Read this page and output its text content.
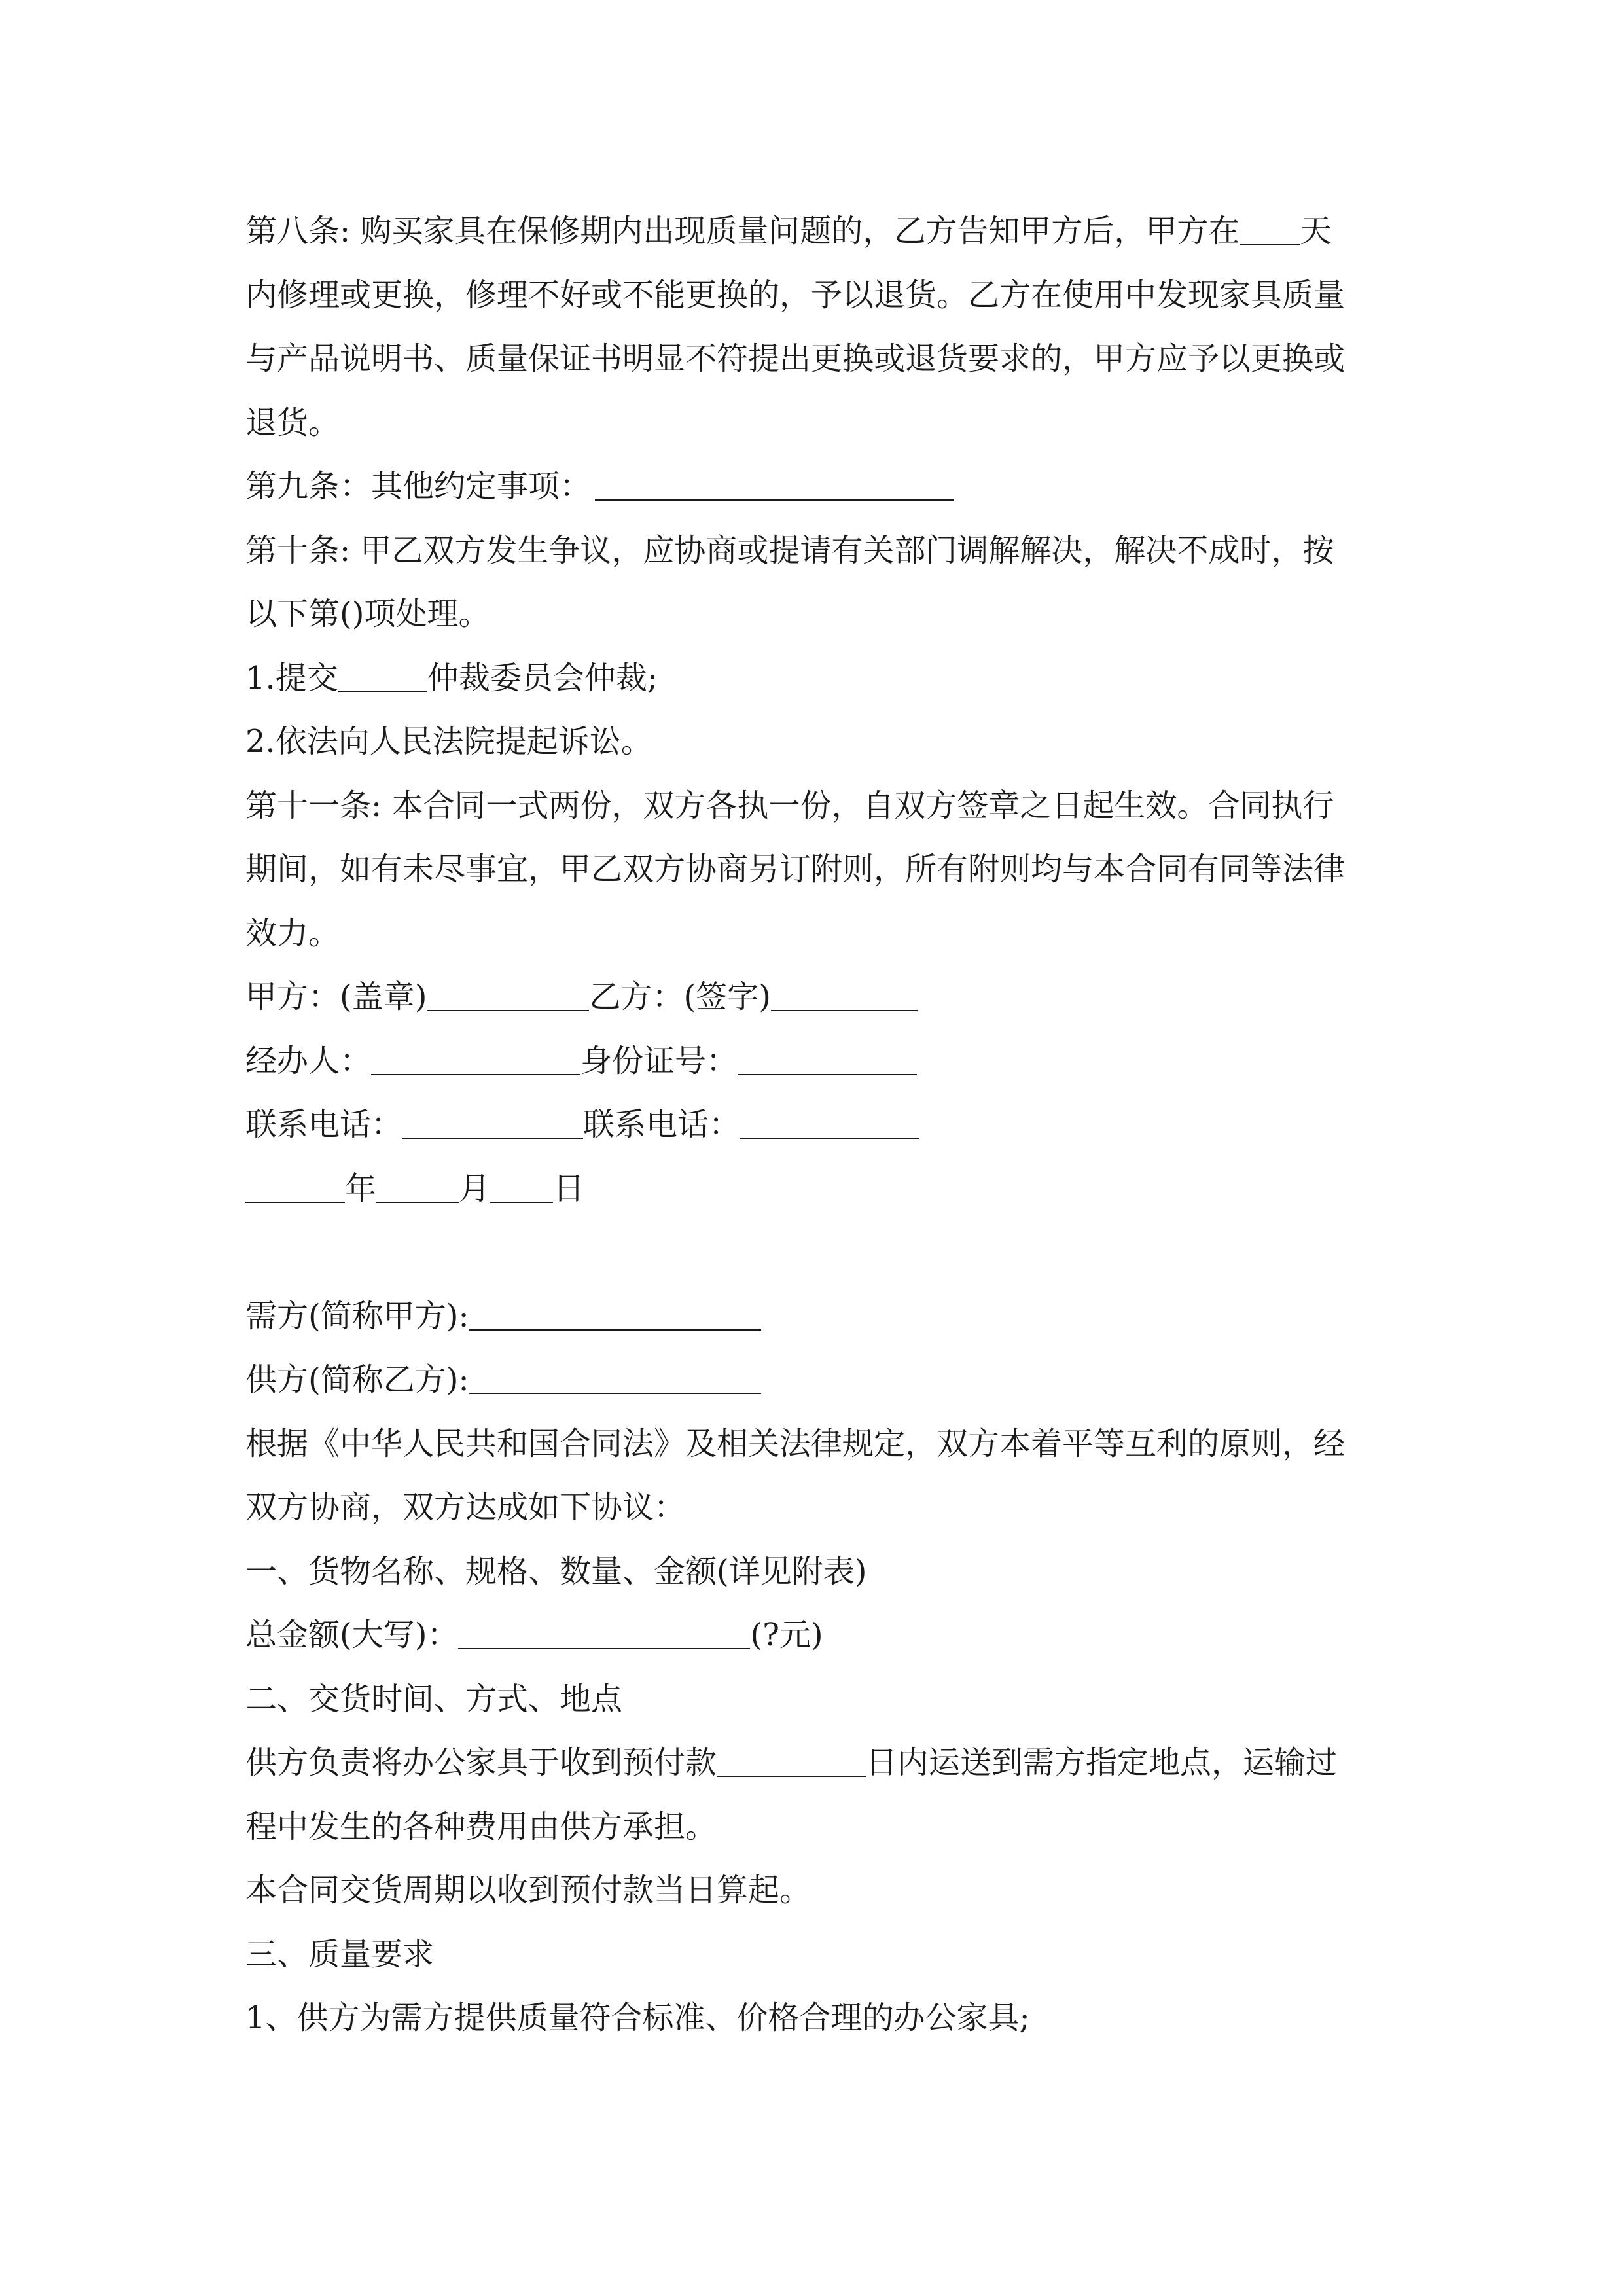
第八条: 购买家具在保修期内出现质量问题的，乙方告知甲方后，甲方在 天
内修理或更换，修理不好或不能更换的，予以退货。乙方在使用中发现家具质量
与产品说明书、质量保证书明显不符提出更换或退货要求的，甲方应予以更换或
退货。
第九条：其他约定事项：
第十条: 甲乙双方发生争议，应协商或提请有关部门调解解决，解决不成时，按
以下第()项处理。
1.提交	仲裁委员会仲裁;
2.依法向人民法院提起诉讼。
第十一条: 本合同一式两份，双方各执一份，自双方签章之日起生效。合同执行
期间，如有未尽事宜，甲乙双方协商另订附则，所有附则均与本合同有同等法律
效力。
甲方：(盖章)	乙方：(签字)
经办人：	身份证号：
联系电话：	联系电话：
年	月 日
需方(简称甲方):
供方(简称乙方):
根据《中华人民共和国合同法》及相关法律规定，双方本着平等互利的原则，经
双方协商，双方达成如下协议：
一、货物名称、规格、数量、金额(详见附表)
总金额(大写)：	(?元)
二、交货时间、方式、地点
供方负责将办公家具于收到预付款	日内运送到需方指定地点，运输过
程中发生的各种费用由供方承担。
本合同交货周期以收到预付款当日算起。
三、质量要求
1、供方为需方提供质量符合标准、价格合理的办公家具;
